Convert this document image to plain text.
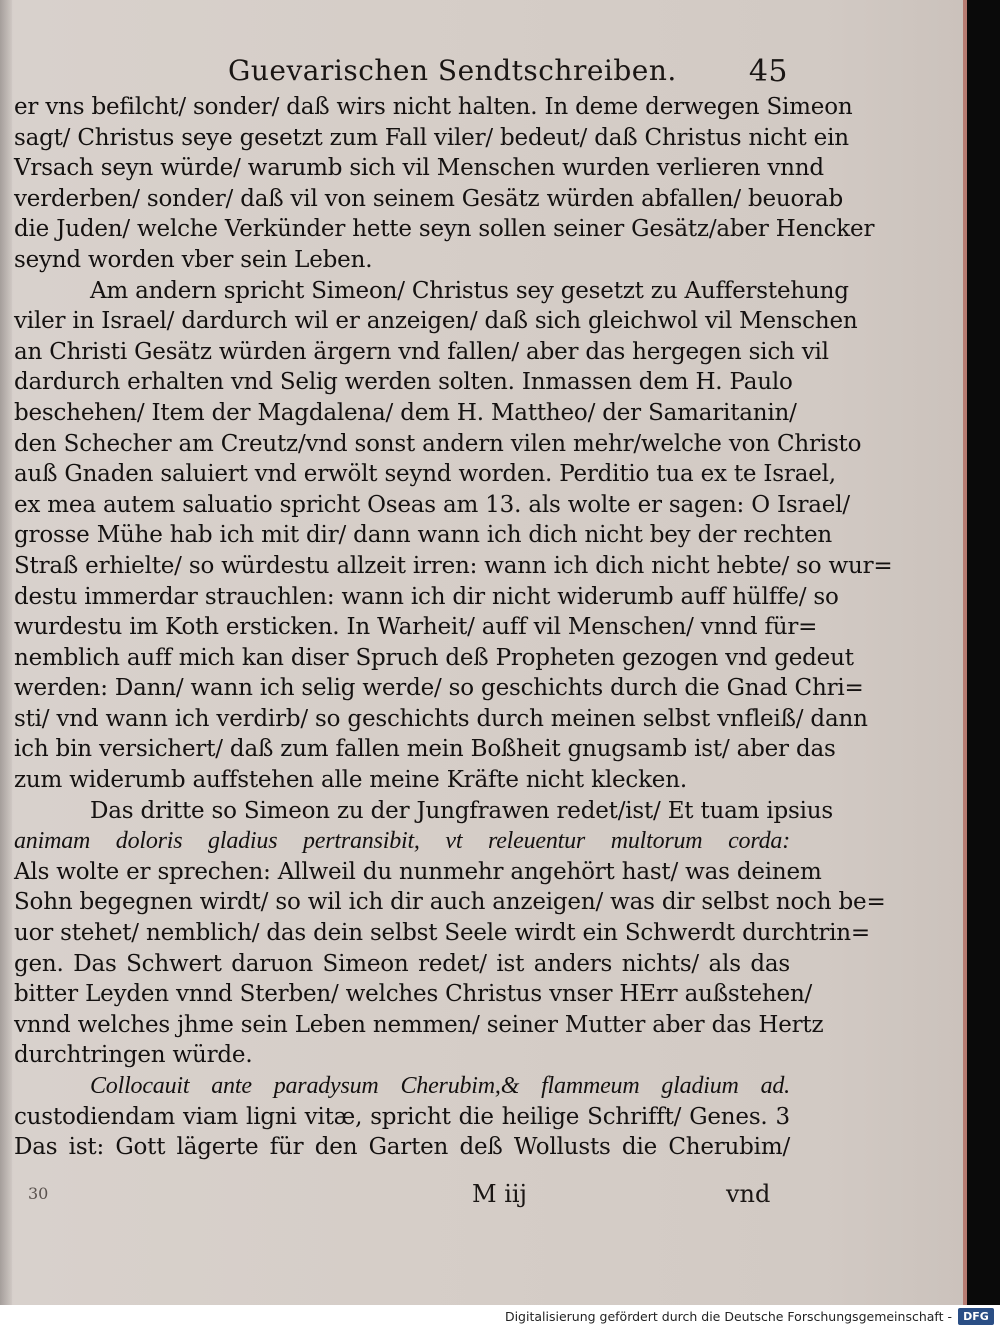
Guevarischen Sendtschreiben. 45
er vns befilcht/ sonder/ daß wirs nicht halten. In deme derwegen Simeon
sagt/ Christus seye gesetzt zum Fall viler/ bedeut/ daß Christus nicht ein
Vrsach seyn würde/ warumb sich vil Menschen wurden verlieren vnnd
verderben/ sonder/ daß vil von seinem Gesätz würden abfallen/ beuorab
die Juden/ welche Verkünder hette seyn sollen seiner Gesätz/aber Hencker
seynd worden vber sein Leben.
Am andern spricht Simeon/ Christus sey gesetzt zu Aufferstehung
viler in Israel/ dardurch wil er anzeigen/ daß sich gleichwol vil Menschen
an Christi Gesätz würden ärgern vnd fallen/ aber das hergegen sich vil
dardurch erhalten vnd Selig werden solten. Inmassen dem H. Paulo
beschehen/ Item der Magdalena/ dem H. Mattheo/ der Samaritanin/
den Schecher am Creutz/vnd sonst andern vilen mehr/welche von Christo
auß Gnaden saluiert vnd erwölt seynd worden. Perditio tua ex te Israel,
ex mea autem saluatio spricht Oseas am 13. als wolte er sagen: O Israel/
grosse Mühe hab ich mit dir/ dann wann ich dich nicht bey der rechten
Straß erhielte/ so würdestu allzeit irren: wann ich dich nicht hebte/ so wur=
destu immerdar strauchlen: wann ich dir nicht widerumb auff hülffe/ so
wurdestu im Koth ersticken. In Warheit/ auff vil Menschen/ vnnd für=
nemblich auff mich kan diser Spruch deß Propheten gezogen vnd gedeut
werden: Dann/ wann ich selig werde/ so geschichts durch die Gnad Chri=
sti/ vnd wann ich verdirb/ so geschichts durch meinen selbst vnfleiß/ dann
ich bin versichert/ daß zum fallen mein Boßheit gnugsamb ist/ aber das
zum widerumb auffstehen alle meine Kräfte nicht klecken.
Das dritte so Simeon zu der Jungfrawen redet/ist/ Et tuam ipsius
animam doloris gladius pertransibit, vt releuentur multorum corda:
Als wolte er sprechen: Allweil du nunmehr angehört hast/ was deinem
Sohn begegnen wirdt/ so wil ich dir auch anzeigen/ was dir selbst noch be=
uor stehet/ nemblich/ das dein selbst Seele wirdt ein Schwerdt durchtrin=
gen. Das Schwert daruon Simeon redet/ ist anders nichts/ als das
bitter Leyden vnnd Sterben/ welches Christus vnser HErr außstehen/
vnnd welches jhme sein Leben nemmen/ seiner Mutter aber das Hertz
durchtringen würde.
Collocauit ante paradysum Cherubim,& flammeum gladium ad.
custodiendam viam ligni vitæ, spricht die heilige Schrifft/ Genes. 3
Das ist: Gott lägerte für den Garten deß Wollusts die Cherubim/
30	M iij	vnd
Digitalisierung gefördert durch die Deutsche Forschungsgemeinschaft -	DFG
